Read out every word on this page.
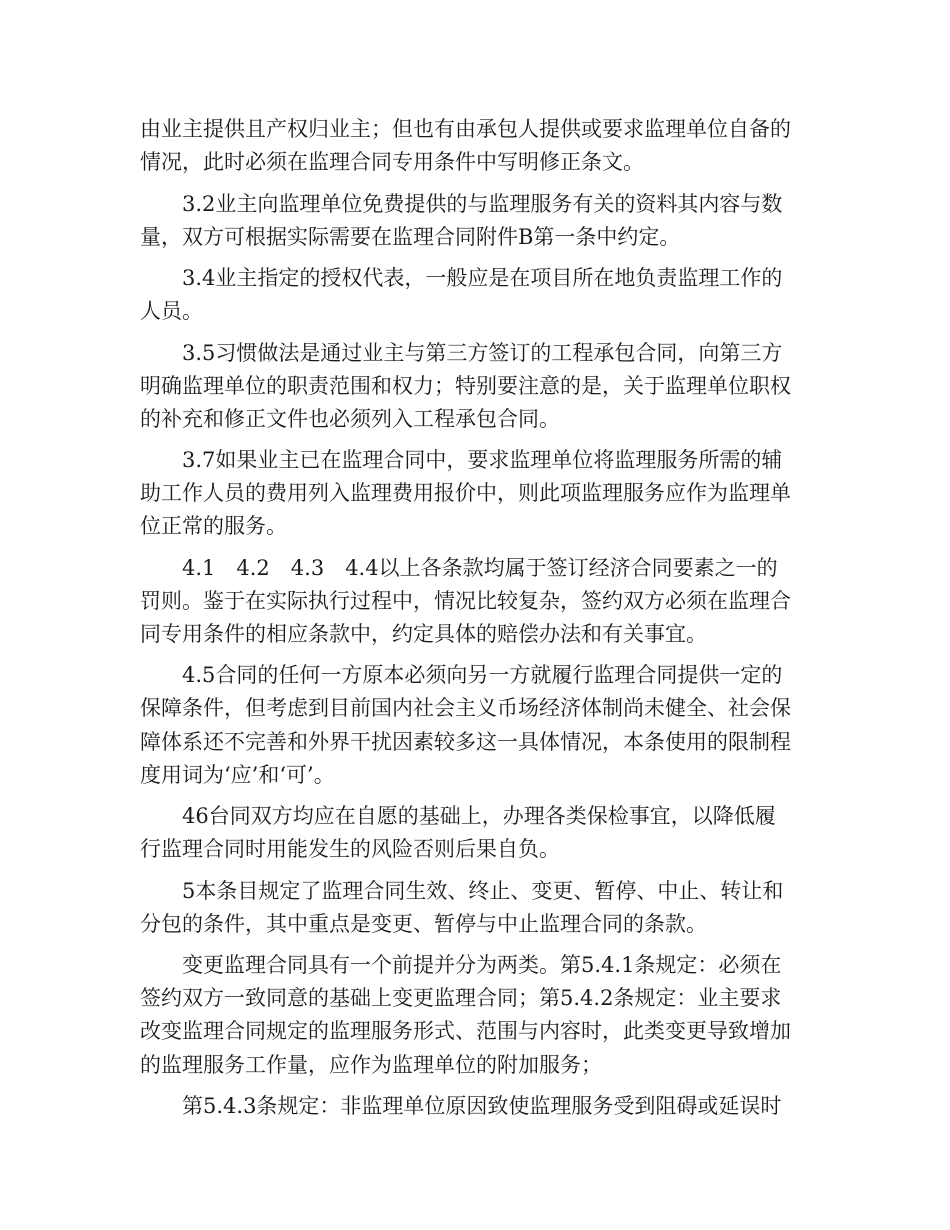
由业主提供且产权归业主；但也有由承包人提供或要求监理单位自备的
情况，此时必须在监理合同专用条件中写明修正条文。
3.2业主向监理单位免费提供的与监理服务有关的资料其内容与数
量，双方可根据实际需要在监理合同附件B第一条中约定。
3.4业主指定的授权代表，一般应是在项目所在地负责监理工作的
人员。
3.5习惯做法是通过业主与第三方签订的工程承包合同，向第三方
明确监理单位的职责范围和权力；特别要注意的是，关于监理单位职权
的补充和修正文件也必须列入工程承包合同。
3.7如果业主已在监理合同中，要求监理单位将监理服务所需的辅
助工作人员的费用列入监理费用报价中，则此项监理服务应作为监理单
位正常的服务。
4.1　4.2　4.3　4.4以上各条款均属于签订经济合同要素之一的
罚则。鉴于在实际执行过程中，情况比较复杂，签约双方必须在监理合
同专用条件的相应条款中，约定具体的赔偿办法和有关事宜。
4.5合同的任何一方原本必须向另一方就履行监理合同提供一定的
保障条件，但考虑到目前国内社会主义币场经济体制尚未健全、社会保
障体系还不完善和外界干扰因素较多这一具体情况，本条使用的限制程
度用词为‘应’和‘可’。
46台同双方均应在自愿的基础上，办理各类保检事宜，以降低履
行监理合同时用能发生的风险否则后果自负。
5本条目规定了监理合同生效、终止、变更、暂停、中止、转让和
分包的条件，其中重点是变更、暂停与中止监理合同的条款。
变更监理合同具有一个前提并分为两类。第5.4.1条规定：必须在
签约双方一致同意的基础上变更监理合同；第5.4.2条规定：业主要求
改变监理合同规定的监理服务形式、范围与内容时，此类变更导致增加
的监理服务工作量，应作为监理单位的附加服务；
第5.4.3条规定：非监理单位原因致使监理服务受到阻碍或延误时
